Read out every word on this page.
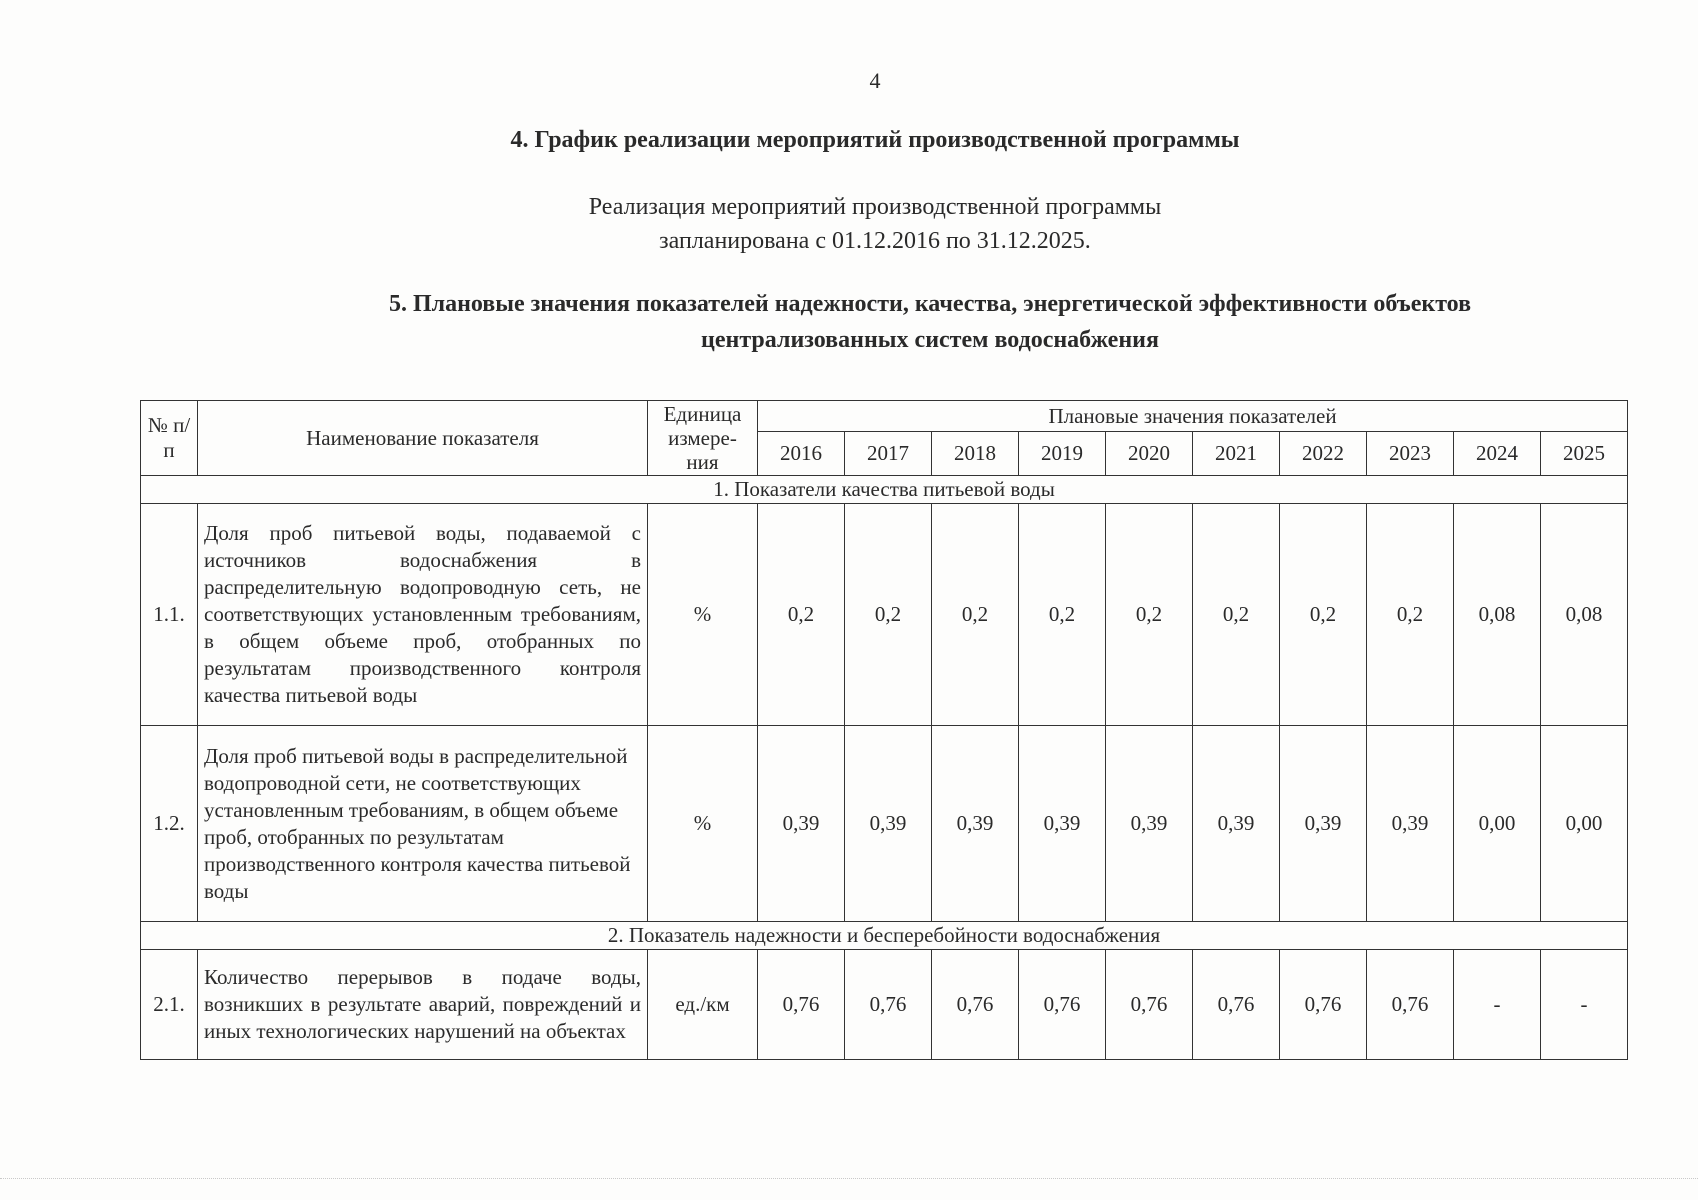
4
4. График реализации мероприятий производственной программы
Реализация мероприятий производственной программы
запланирована с 01.12.2016 по 31.12.2025.
5. Плановые значения показателей надежности, качества, энергетической эффективности объектов
централизованных систем водоснабжения
№ п/п	Наименование показателя	Единица измере-ния	Плановые значения показателей									
			2016	2017	2018	2019	2020	2021	2022	2023	2024	2025
1. Показатели качества питьевой воды												
1.1.	Доля проб питьевой воды, подаваемой с источников водоснабжения в распределительную водопроводную сеть, не соответствующих установленным требованиям, в общем объеме проб, отобранных по результатам производственного контроля качества питьевой воды	%	0,2	0,2	0,2	0,2	0,2	0,2	0,2	0,2	0,08	0,08
1.2.	Доля проб питьевой воды в распределительной водопроводной сети, не соответствующих установленным требованиям, в общем объеме проб, отобранных по результатам производственного контроля качества питьевой воды	%	0,39	0,39	0,39	0,39	0,39	0,39	0,39	0,39	0,00	0,00
2. Показатель надежности и бесперебойности водоснабжения												
2.1.	Количество перерывов в подаче воды, возникших в результате аварий, повреждений и иных технологических нарушений на объектах	ед./км	0,76	0,76	0,76	0,76	0,76	0,76	0,76	0,76	-	-
